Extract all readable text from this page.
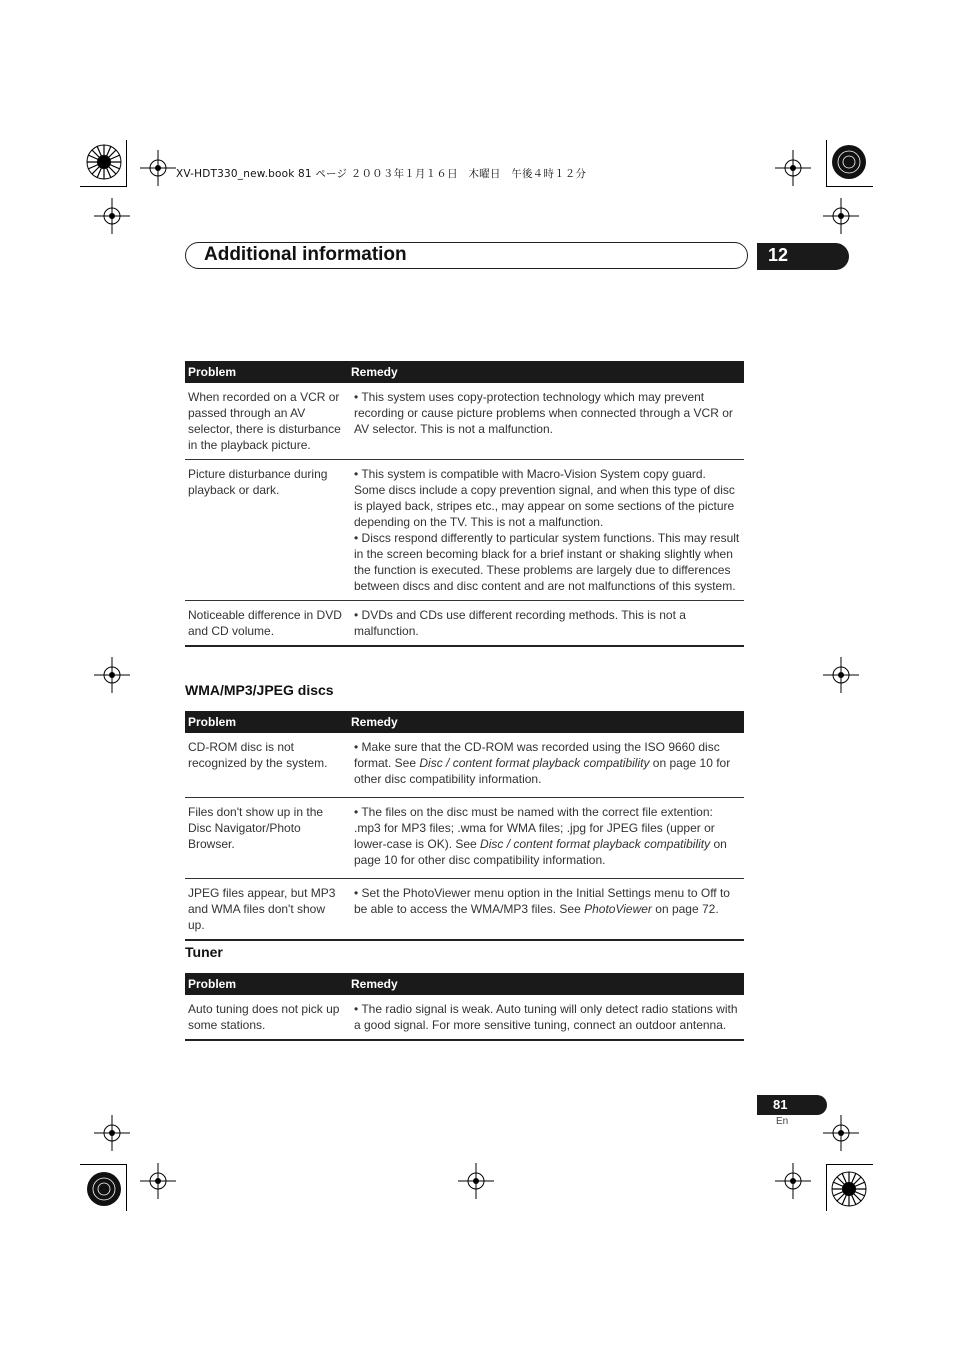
XV-HDT330_new.book 81 ページ ２００３年１月１６日　木曜日　午後４時１２分
Additional information	12
Problem	Remedy
When recorded on a VCR or passed through an AV selector, there is disturbance in the playback picture.	• This system uses copy-protection technology which may prevent recording or cause picture problems when connected through a VCR or AV selector. This is not a malfunction.
Picture disturbance during playback or dark.	• This system is compatible with Macro-Vision System copy guard. Some discs include a copy prevention signal, and when this type of disc is played back, stripes etc., may appear on some sections of the picture depending on the TV. This is not a malfunction.
• Discs respond differently to particular system functions. This may result in the screen becoming black for a brief instant or shaking slightly when the function is executed. These problems are largely due to differences between discs and disc content and are not malfunctions of this system.

Noticeable difference in DVD and CD volume.	• DVDs and CDs use different recording methods. This is not a malfunction.
WMA/MP3/JPEG discs
Problem	Remedy
CD-ROM disc is not recognized by the system.	• Make sure that the CD-ROM was recorded using the ISO 9660 disc format. See Disc / content format playback compatibility on page 10 for other disc compatibility information.
Files don't show up in the Disc Navigator/Photo Browser.	• The files on the disc must be named with the correct file extention: .mp3 for MP3 files; .wma for WMA files; .jpg for JPEG files (upper or lower-case is OK). See Disc / content format playback compatibility on page 10 for other disc compatibility information.
JPEG files appear, but MP3 and WMA files don't show up.	• Set the PhotoViewer menu option in the Initial Settings menu to Off to be able to access the WMA/MP3 files. See PhotoViewer on page 72.
Tuner
Problem	Remedy
Auto tuning does not pick up some stations.	• The radio signal is weak. Auto tuning will only detect radio stations with a good signal. For more sensitive tuning, connect an outdoor antenna.
81
En
